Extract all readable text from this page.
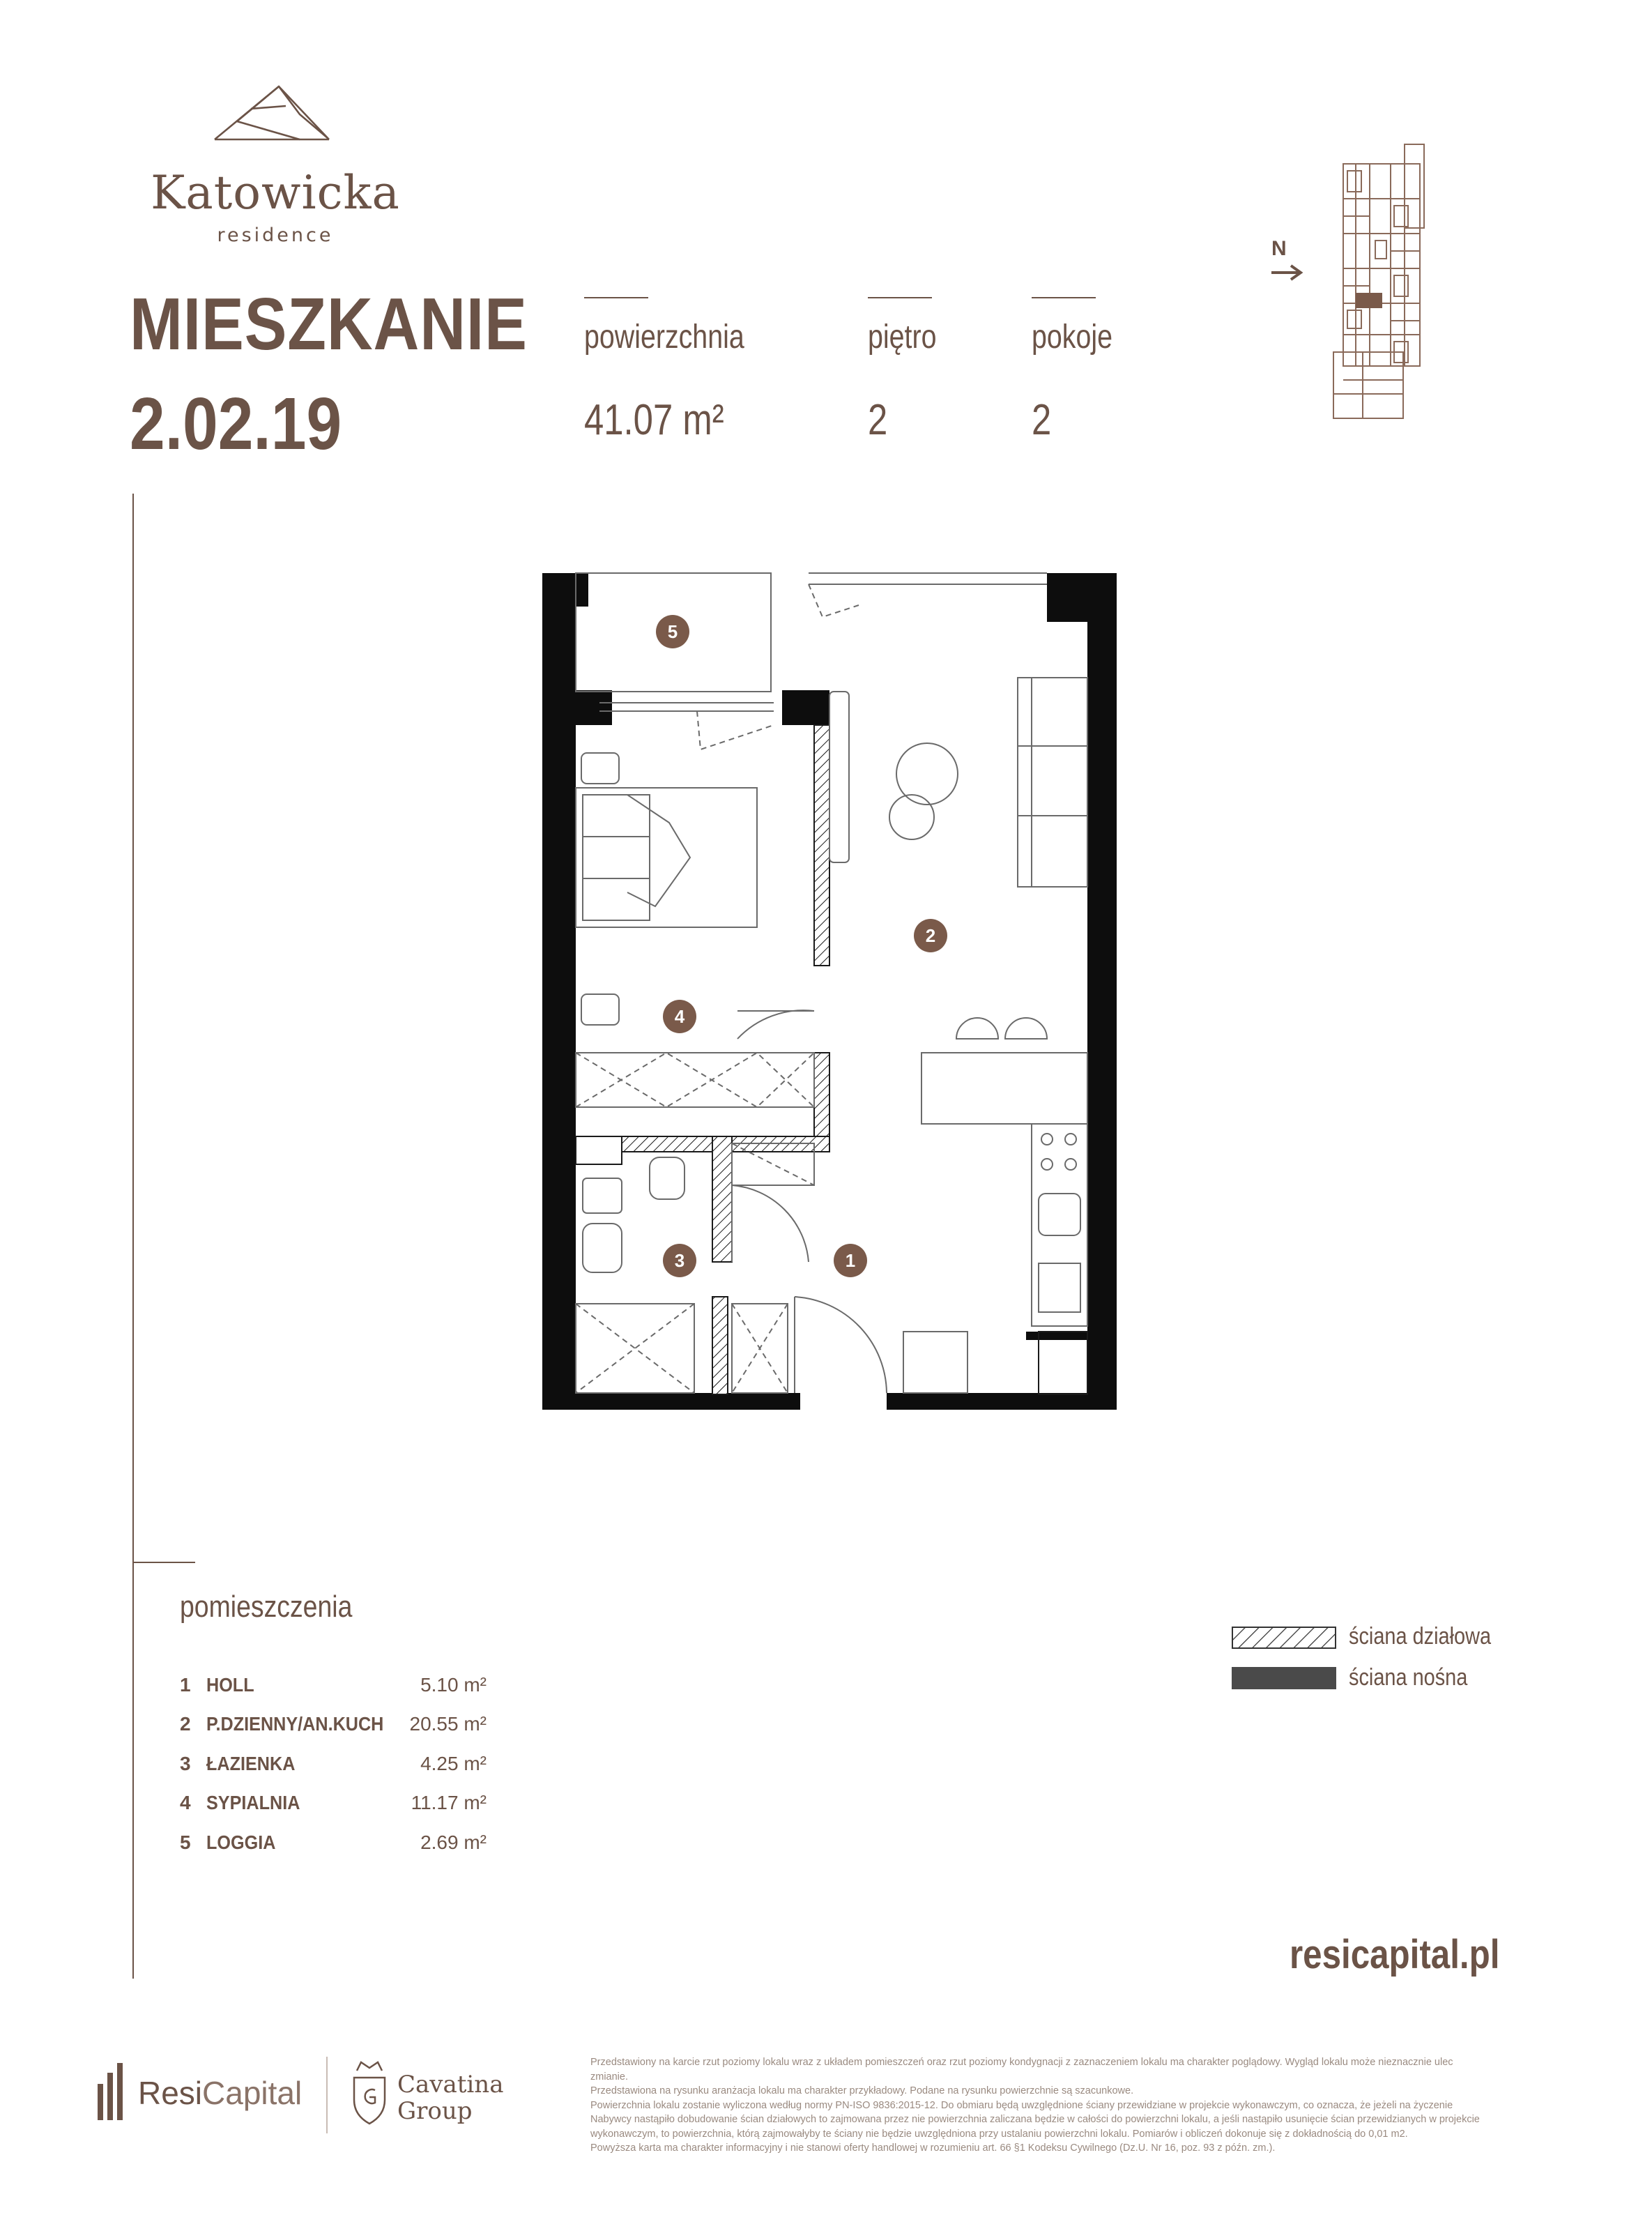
Katowicka
residence
MIESZKANIE
2.02.19
powierzchnia
41.07 m²
piętro
2
pokoje
2
N
5
2
4
3	1
pomieszczenia
1 HOLL	5.10 m²
2 P.DZIENNY/AN.KUCH 20.55 m²
3 ŁAZIENKA	4.25 m²
4 SYPIALNIA	11.17 m²
5 LOGGIA	2.69 m²
ściana działowa
ściana nośna
resicapital.pl
ResiCapital	Cavatina
Group

Przedstawiony na karcie rzut poziomy lokalu wraz z układem pomieszczeń oraz rzut poziomy kondygnacji z zaznaczeniem lokalu ma charakter poglądowy. Wygląd lokalu może nieznacznie ulec zmianie.

Przedstawiona na rysunku aranżacja lokalu ma charakter przykładowy. Podane na rysunku powierzchnie są szacunkowe.

Powierzchnia lokalu zostanie wyliczona według normy PN-ISO 9836:2015-12. Do obmiaru będą uwzględnione ściany przewidziane w projekcie wykonawczym, co oznacza, że jeżeli na życzenie Nabywcy nastąpiło dobudowanie ścian działowych to zajmowana przez nie powierzchnia zaliczana będzie w całości do powierzchni lokalu, a jeśli nastąpiło usunięcie ścian przewidzianych w projekcie wykonawczym, to powierzchnia, którą zajmowałyby te ściany nie będzie uwzględniona przy ustalaniu powierzchni lokalu. Pomiarów i obliczeń dokonuje się z dokładnością do 0,01 m2.

Powyższa karta ma charakter informacyjny i nie stanowi oferty handlowej w rozumieniu art. 66 §1 Kodeksu Cywilnego (Dz.U. Nr 16, poz. 93 z późn. zm.).
